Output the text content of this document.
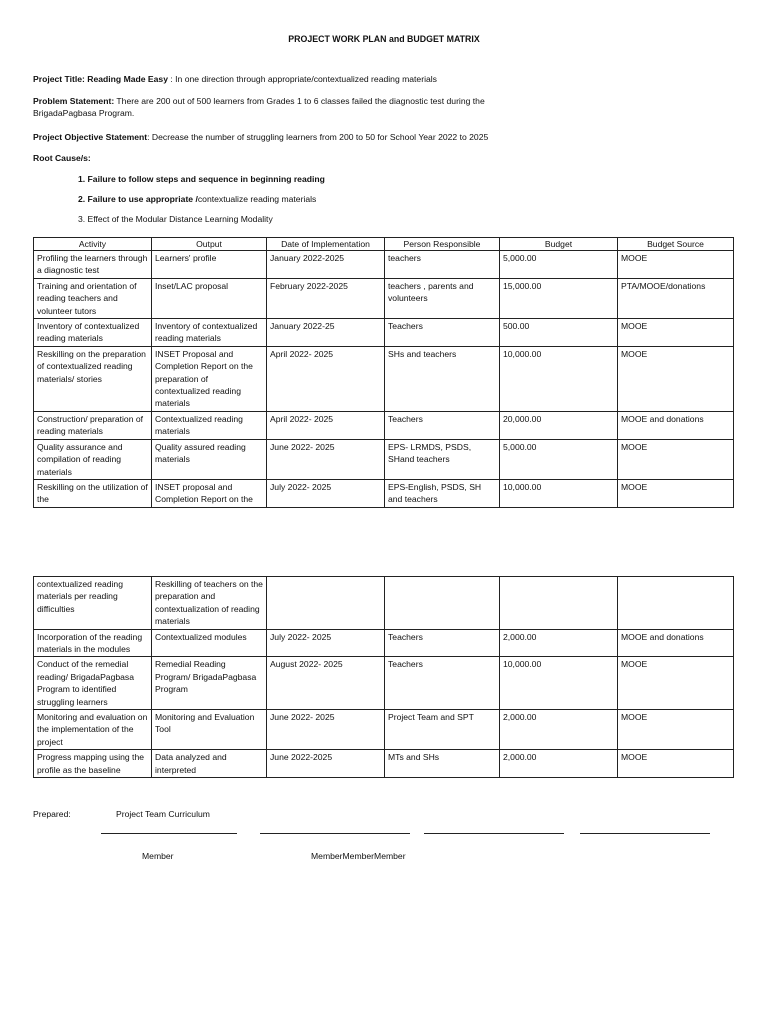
PROJECT WORK PLAN and BUDGET MATRIX
Project Title: Reading Made Easy : In one direction through appropriate/contextualized reading materials
Problem Statement: There are 200 out of 500 learners from Grades 1 to 6 classes failed the diagnostic test during the
BrigadaPagbasa Program.
Project Objective Statement: Decrease the number of struggling learners from 200 to 50 for School Year 2022 to 2025
Root Cause/s:
1. Failure to follow steps and sequence in beginning reading
2. Failure to use appropriate /contextualize reading materials
3. Effect of the Modular Distance Learning Modality
Activity	Output	Date of Implementation	Person Responsible	Budget	Budget Source
Profiling the learners through a diagnostic test	Learners' profile	January 2022-2025	teachers	5,000.00	MOOE
Training and orientation of reading teachers and volunteer tutors	Inset/LAC proposal	February 2022-2025	teachers , parents and volunteers	15,000.00	PTA/MOOE/donations
Inventory of contextualized reading materials	Inventory of contextualized reading materials	January 2022-25	Teachers	500.00	MOOE
Reskilling on the preparation of contextualized reading materials/ stories	INSET Proposal and Completion Report on the preparation of contextualized reading materials	April 2022- 2025	SHs and teachers	10,000.00	MOOE
Construction/ preparation of reading materials	Contextualized reading materials	April 2022- 2025	Teachers	20,000.00	MOOE and donations
Quality assurance and compilation of reading materials	Quality assured reading materials	June 2022- 2025	EPS- LRMDS, PSDS, SHand teachers	5,000.00	MOOE
Reskilling on the utilization of the	INSET proposal and Completion Report on the	July 2022- 2025	EPS-English, PSDS, SH and teachers	10,000.00	MOOE
contextualized reading materials per reading difficulties	Reskilling of teachers on the preparation and contextualization of reading materials				
Incorporation of the reading materials in the modules	Contextualized modules	July 2022- 2025	Teachers	2,000.00	MOOE and donations
Conduct of the remedial reading/ BrigadaPagbasa Program to identified struggling learners	Remedial Reading Program/ BrigadaPagbasa Program	August 2022- 2025	Teachers	10,000.00	MOOE
Monitoring and evaluation on the implementation of the project	Monitoring and Evaluation Tool	June 2022- 2025	Project Team and SPT	2,000.00	MOOE
Progress mapping using the profile as the baseline	Data analyzed and interpreted	June 2022-2025	MTs and SHs	2,000.00	MOOE
Prepared:	Project Team Curriculum
Member	MemberMemberMember
